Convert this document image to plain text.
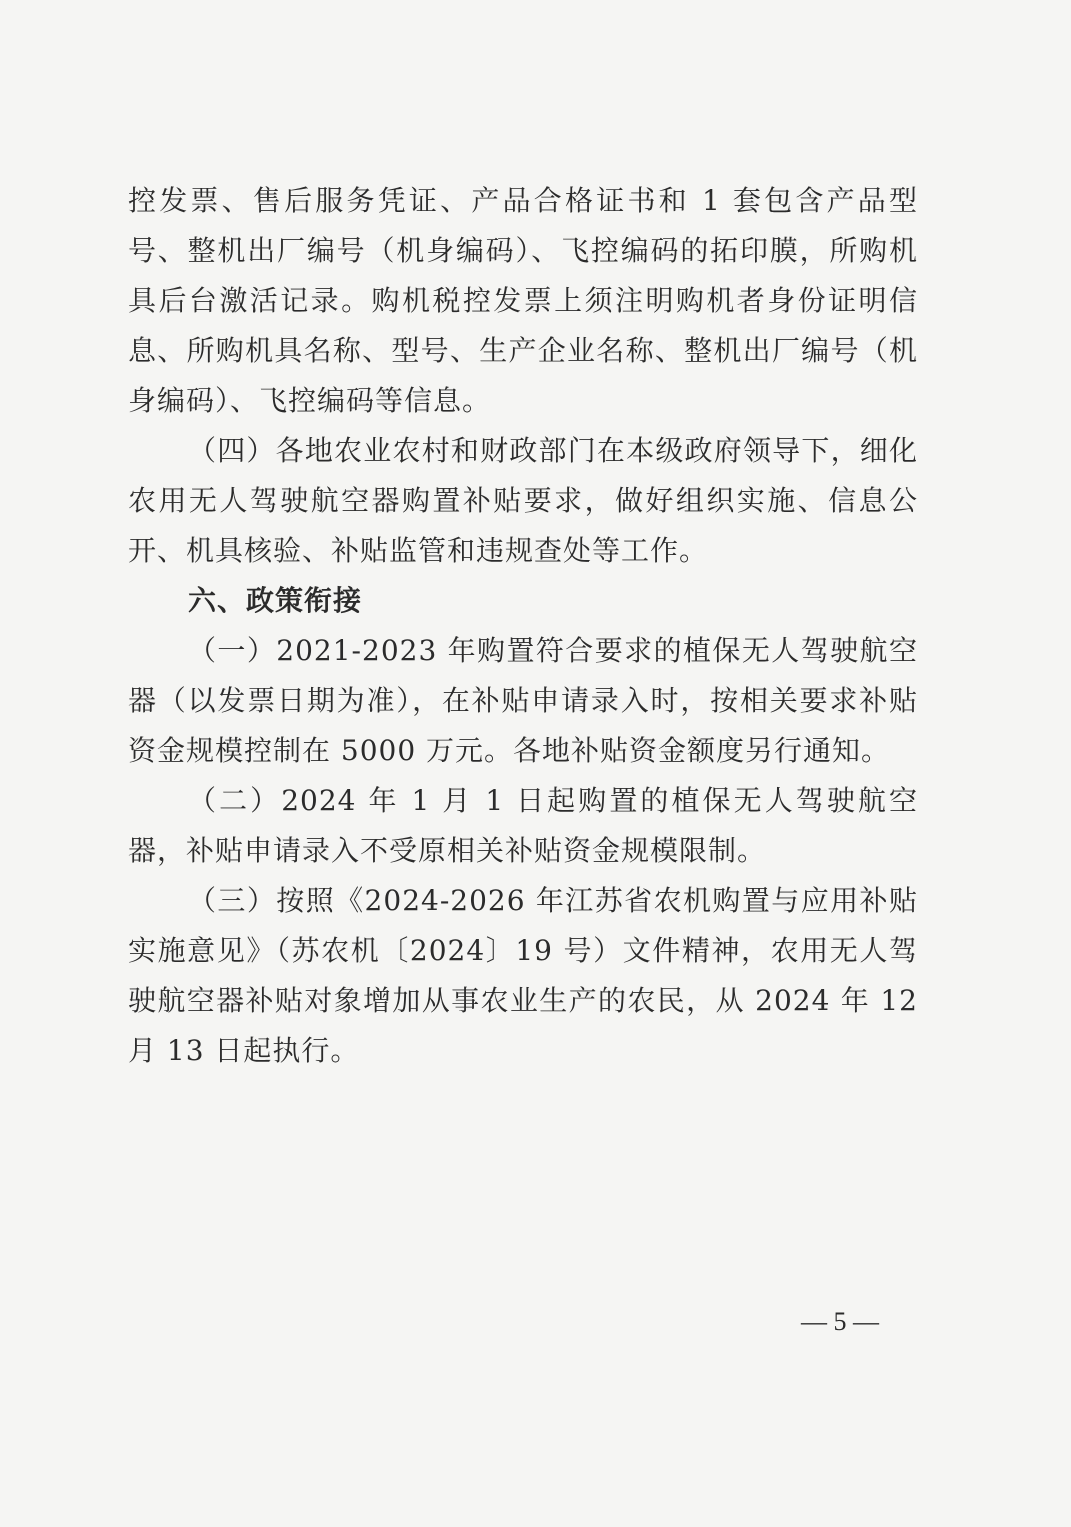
控发票、售后服务凭证、产品合格证书和 1 套包含产品型号、整机出厂编号（机身编码）、飞控编码的拓印膜，所购机具后台激活记录。购机税控发票上须注明购机者身份证明信息、所购机具名称、型号、生产企业名称、整机出厂编号（机身编码）、飞控编码等信息。

（四）各地农业农村和财政部门在本级政府领导下，细化农用无人驾驶航空器购置补贴要求，做好组织实施、信息公开、机具核验、补贴监管和违规查处等工作。

六、政策衔接

（一）2021-2023 年购置符合要求的植保无人驾驶航空器（以发票日期为准），在补贴申请录入时，按相关要求补贴资金规模控制在 5000 万元。各地补贴资金额度另行通知。

（二）2024 年 1 月 1 日起购置的植保无人驾驶航空器，补贴申请录入不受原相关补贴资金规模限制。

（三）按照《2024-2026 年江苏省农机购置与应用补贴实施意见》（苏农机〔2024〕19 号）文件精神，农用无人驾驶航空器补贴对象增加从事农业生产的农民，从 2024 年 12 月 13 日起执行。

— 5 —
